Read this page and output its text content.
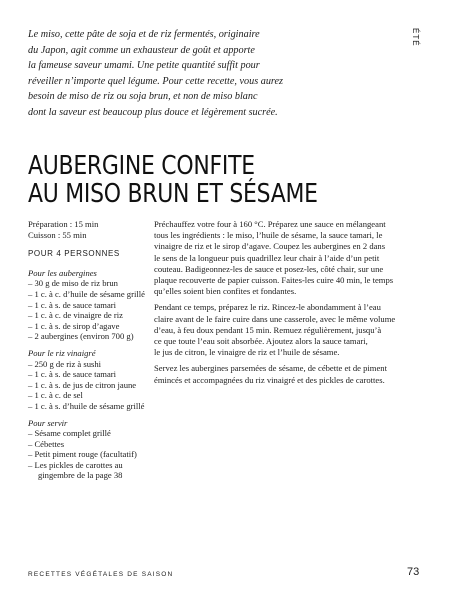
Le miso, cette pâte de soja et de riz fermentés, originaire
du Japon, agit comme un exhausteur de goût et apporte
la fameuse saveur umami. Une petite quantité suffit pour
réveiller n’importe quel légume. Pour cette recette, vous aurez
besoin de miso de riz ou soja brun, et non de miso blanc
dont la saveur est beaucoup plus douce et légèrement sucrée.
ÉTÉ
AUBERGINE CONFITE
AU MISO BRUN ET SÉSAME
Préparation : 15 min
Cuisson : 55 min
POUR 4 PERSONNES
Pour les aubergines
– 30 g de miso de riz brun
– 1 c. à c. d’huile de sésame grillé
– 1 c. à s. de sauce tamari
– 1 c. à c. de vinaigre de riz
– 1 c. à s. de sirop d’agave
– 2 aubergines (environ 700 g)
Pour le riz vinaigré
– 250 g de riz à sushi
– 1 c. à s. de sauce tamari
– 1 c. à s. de jus de citron jaune
– 1 c. à c. de sel
– 1 c. à s. d’huile de sésame grillé
Pour servir
– Sésame complet grillé
– Cébettes
– Petit piment rouge (facultatif)
– Les pickles de carottes au gingembre de la page 38

Préchauffez votre four à 160 °C. Préparez une sauce en mélangeant
tous les ingrédients : le miso, l’huile de sésame, la sauce tamari, le
vinaigre de riz et le sirop d’agave. Coupez les aubergines en 2 dans
le sens de la longueur puis quadrillez leur chair à l’aide d’un petit
couteau. Badigeonnez-les de sauce et posez-les, côté chair, sur une
plaque recouverte de papier cuisson. Faites-les cuire 40 min, le temps
qu’elles soient bien confites et fondantes.

Pendant ce temps, préparez le riz. Rincez-le abondamment à l’eau
claire avant de le faire cuire dans une casserole, avec le même volume
d’eau, à feu doux pendant 15 min. Remuez régulièrement, jusqu’à
ce que toute l’eau soit absorbée. Ajoutez alors la sauce tamari,
le jus de citron, le vinaigre de riz et l’huile de sésame.

Servez les aubergines parsemées de sésame, de cébette et de piment
émincés et accompagnées du riz vinaigré et des pickles de carottes.

RECETTES VÉGÉTALES DE SAISON	73
